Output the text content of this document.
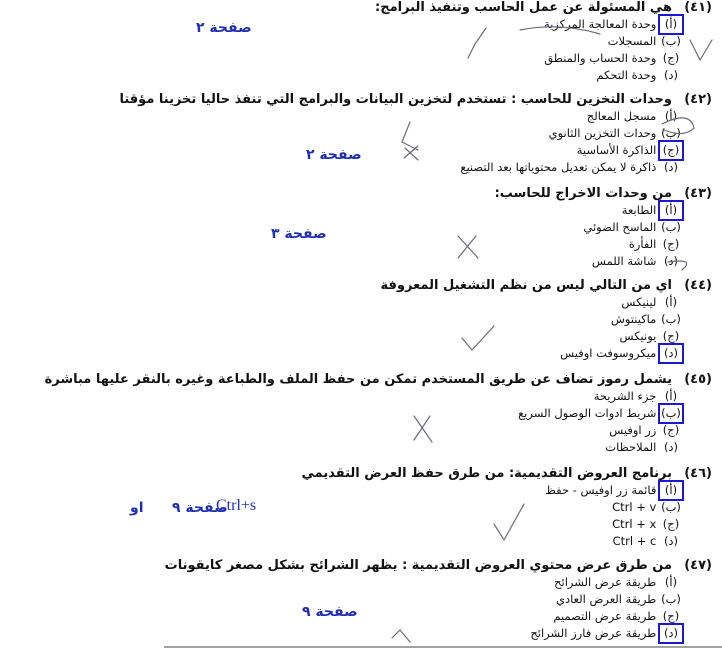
(٤١)هي المسئولة عن عمل الحاسب وتنفيذ البرامج:
(أ) وحدة المعالجة المركزية
(ب) المسجلات
(ج) وحدة الحساب والمنطق
(د) وحدة التحكم
(٤٢)وحدات التخزين للحاسب : تستخدم لتخزين البيانات والبرامج التي تنفذ حاليا تخزينا مؤقتا
(أ) مسجل المعالج
(ب) وحدات التخزين الثانوي
(ج) الذاكرة الأساسية
(د) ذاكرة لا يمكن تعديل محتوياتها بعد التصنيع
(٤٣)من وحدات الاخراج للحاسب:
(أ) الطابعة
(ب) الماسح الضوئي
(ج) الفأرة
(د) شاشة اللمس
(٤٤)اي من التالي ليس من نظم التشغيل المعروفة
(أ) لينيكس
(ب) ماكينتوش
(ج) يونيكس
(د) ميكروسوفت اوفيس
(٤٥)يشمل رموز تضاف عن طريق المستخدم تمكن من حفظ الملف والطباعة وغيره بالنقر عليها مباشرة
(أ) جزء الشريحة
(ب) شريط ادوات الوصول السريع
(ج) زر اوفيس
(د) الملاحظات
(٤٦)برنامج العروض التقديمية: من طرق حفظ العرض التقديمي
(أ) قائمة زر اوفيس - حفظ
(ب) Ctrl + v
(ج) Ctrl + x
(د) Ctrl + c
(٤٧)من طرق عرض محتوي العروض التقديمية : يظهر الشرائح بشكل مصغر كايقونات
(أ) طريقة عرض الشرائح
(ب) طريقة العرض العادي
(ج) طريقة عرض التصميم
(د) طريقة عرض فارز الشرائح
صفحة ٢
صفحة ٢
صفحة ٣
صفحة ٩
Ctrl+s
او
صفحة ٩
